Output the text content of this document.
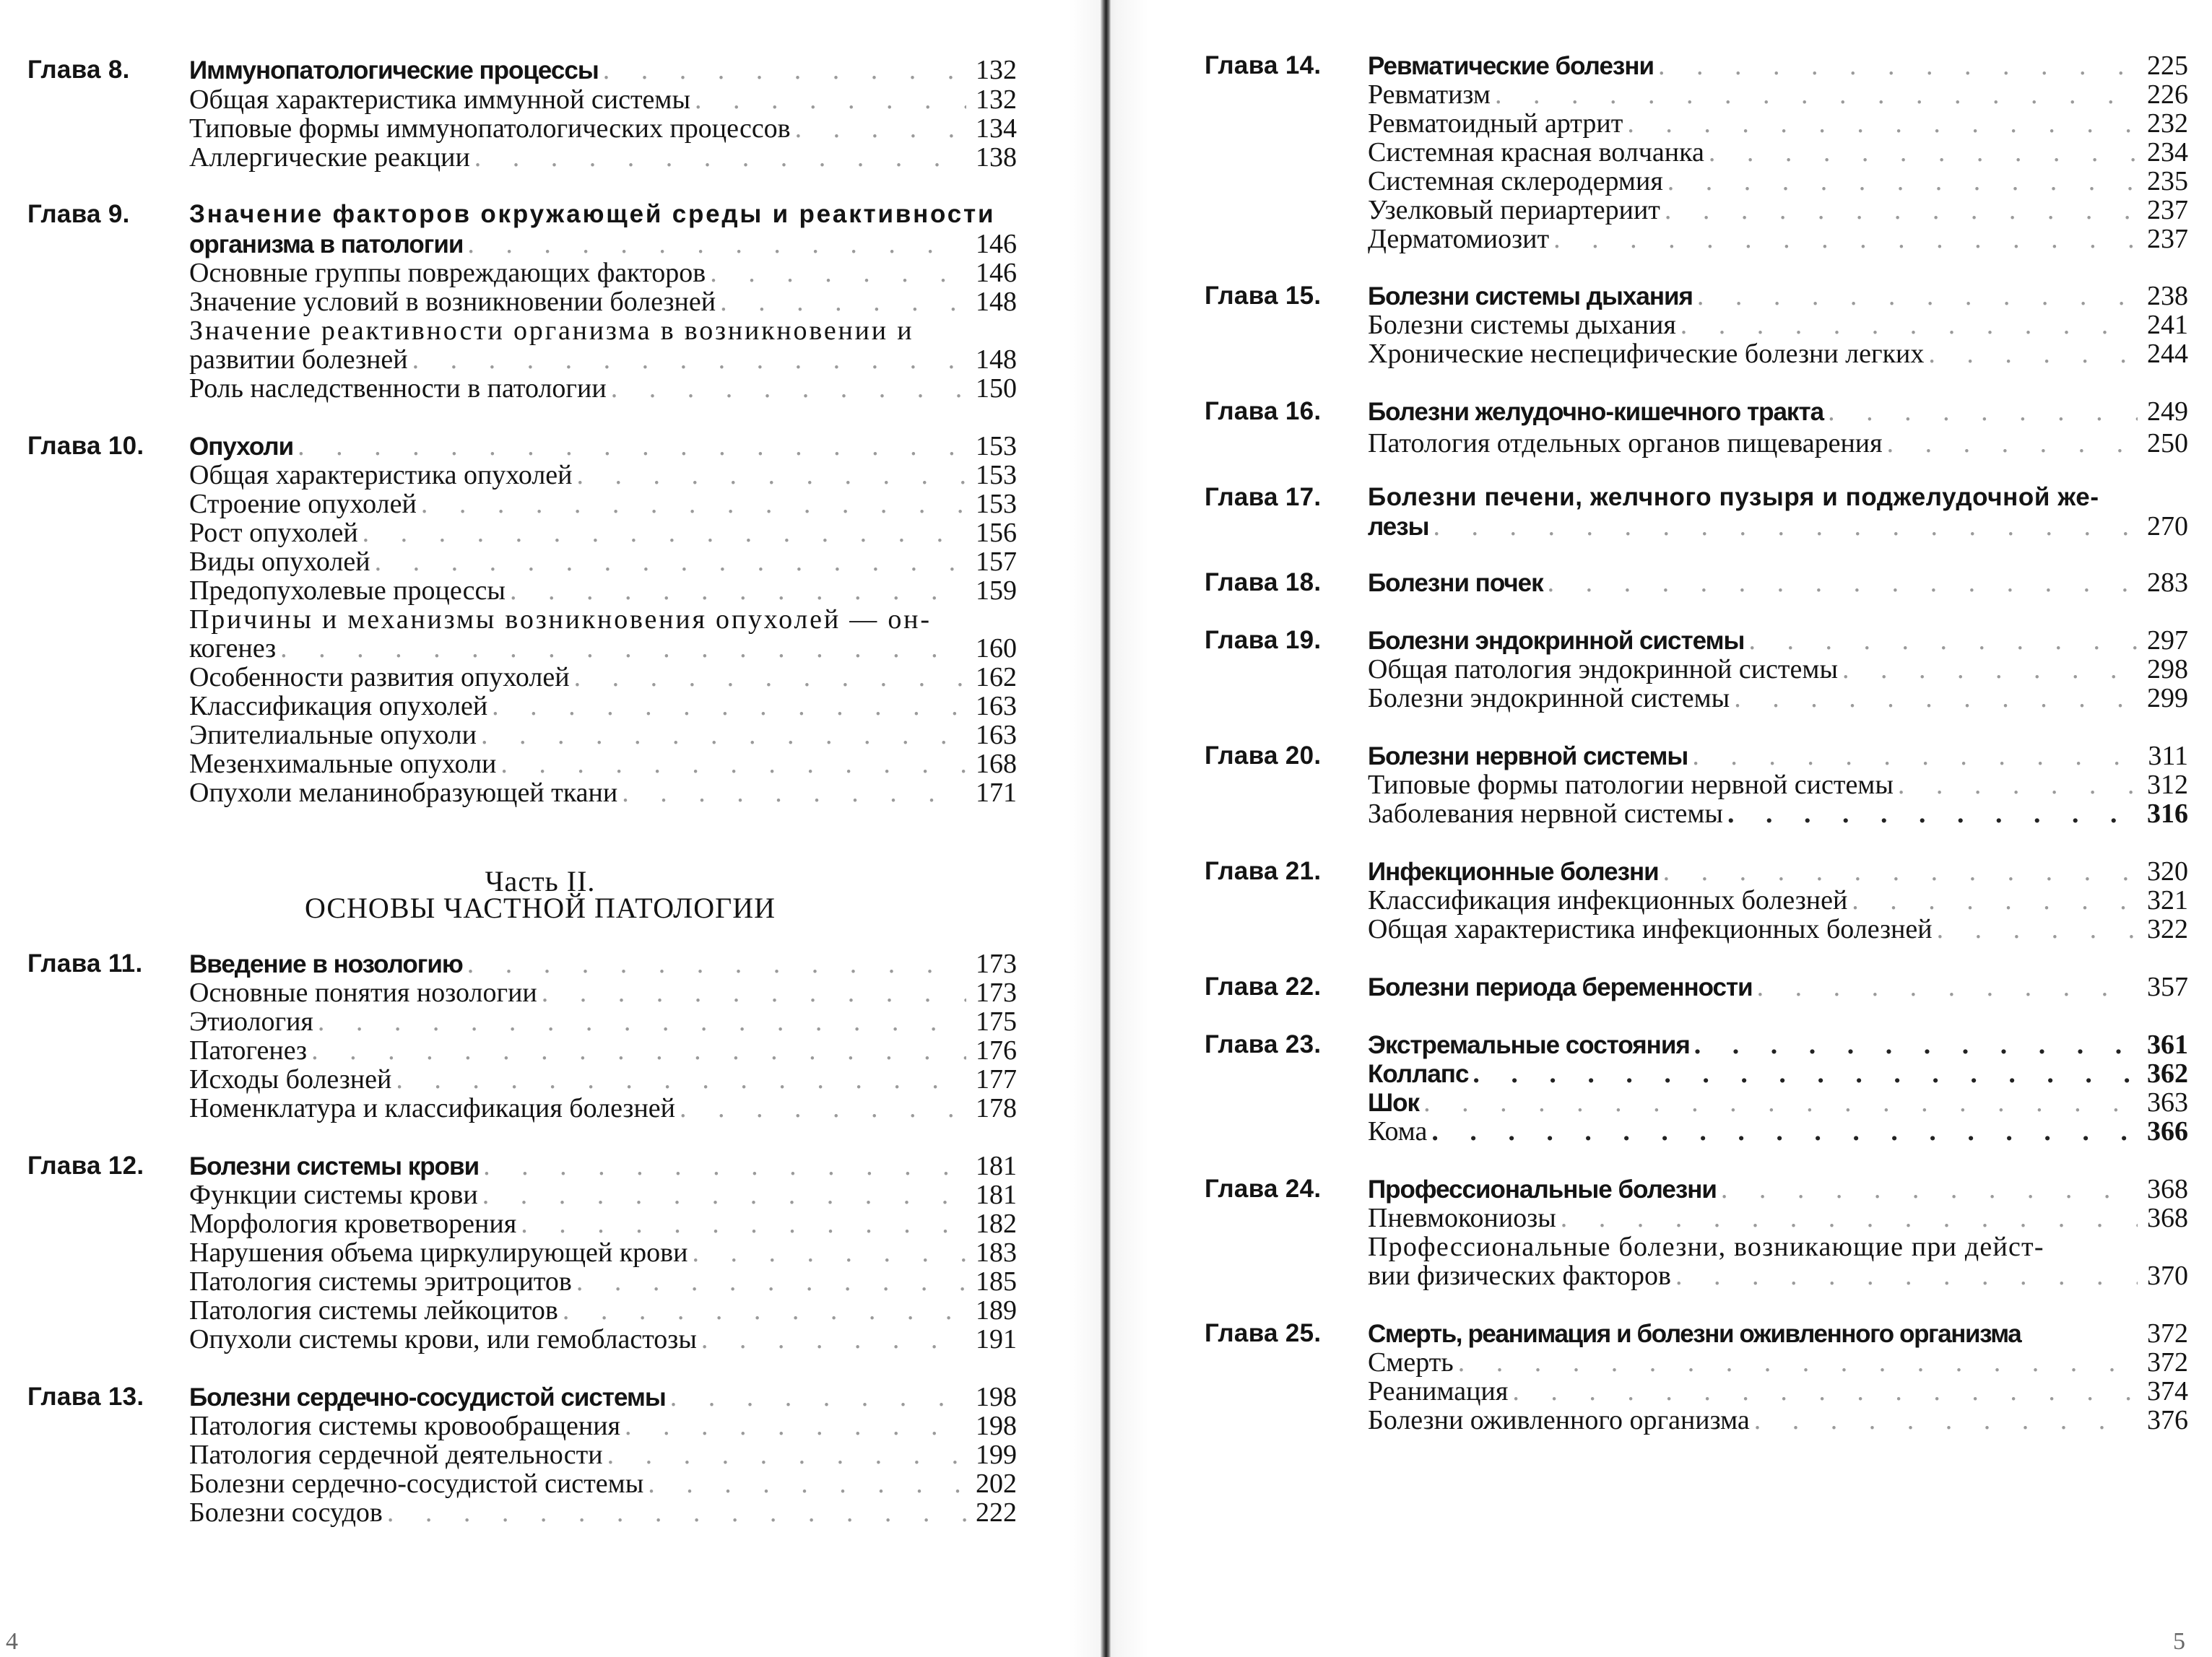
Глава 8. Иммунопатологические процессы . . .	132
Общая характеристика иммунной системы . . .	132
Типовые формы иммунопатологических процессов . . .	134
Аллергические реакции . . .	138
Глава 9. Значение факторов окружающей среды и реактивности
организма в патологии . . .	146
Основные группы повреждающих факторов . . .	146
Значение условий в возникновении болезней . . .	148
Значение реактивности организма в возникновении и
развитии болезней . . .	148
Роль наследственности в патологии . . .	150
Глава 10. Опухоли . . .	153
Общая характеристика опухолей . . .	153
Строение опухолей . . .	153
Рост опухолей . . .	156
Виды опухолей . . .	157
Предопухолевые процессы . . .	159
Причины и механизмы возникновения опухолей — он-
когенез . . .	160
Особенности развития опухолей . . .	162
Классификация опухолей . . .	163
Эпителиальные опухоли . . .	163
Мезенхимальные опухоли . . .	168
Опухоли меланинобразующей ткани . . .	171
Часть II.
ОСНОВЫ ЧАСТНОЙ ПАТОЛОГИИ
Глава 11. Введение в нозологию . . .	173
Основные понятия нозологии . . .	173
Этиология . . .	175
Патогенез . . .	176
Исходы болезней . . .	177
Номенклатура и классификация болезней . . .	178
Глава 12. Болезни системы крови . . .	181
Функции системы крови . . .	181
Морфология кроветворения . . .	182
Нарушения объема циркулирующей крови . . .	183
Патология системы эритроцитов . . .	185
Патология системы лейкоцитов . . .	189
Опухоли системы крови, или гемобластозы . . .	191
Глава 13. Болезни сердечно-сосудистой системы . . .	198
Патология системы кровообращения . . .	198
Патология сердечной деятельности . . .	199
Болезни сердечно-сосудистой системы . . .	202
Болезни сосудов . . .	222
4
Глава 14. Ревматические болезни . . .	225
Ревматизм . . .	226
Ревматоидный артрит . . .	232
Системная красная волчанка . . .	234
Системная склеродермия . . .	235
Узелковый периартериит . . .	237
Дерматомиозит . . .	237
Глава 15. Болезни системы дыхания . . .	238
Болезни системы дыхания . . .	241
Хронические неспецифические болезни легких . . .	244
Глава 16. Болезни желудочно-кишечного тракта . . .	249
Патология отдельных органов пищеварения . . .	250
Глава 17. Болезни печени, желчного пузыря и поджелудочной же-
лезы . . .	270
Глава 18. Болезни почек . . .	283
Глава 19. Болезни эндокринной системы . . .	297
Общая патология эндокринной системы . . .	298
Болезни эндокринной системы . . .	299
Глава 20. Болезни нервной системы . . .	311
Типовые формы патологии нервной системы . . .	312
Заболевания нервной системы . . .	316
Глава 21. Инфекционные болезни . . .	320
Классификация инфекционных болезней . . .	321
Общая характеристика инфекционных болезней . . .	322
Глава 22. Болезни периода беременности . . .	357
Глава 23. Экстремальные состояния . . .	361
Коллапс . . .	362
Шок . . .	363
Кома . . .	366
Глава 24. Профессиональные болезни . . .	368
Пневмокониозы . . .	368
Профессиональные болезни, возникающие при дейст-
вии физических факторов . . .	370
Глава 25. Смерть, реанимация и болезни оживленного организма	372
Смерть . . .	372
Реанимация . . .	374
Болезни оживленного организма . . .	376
5
